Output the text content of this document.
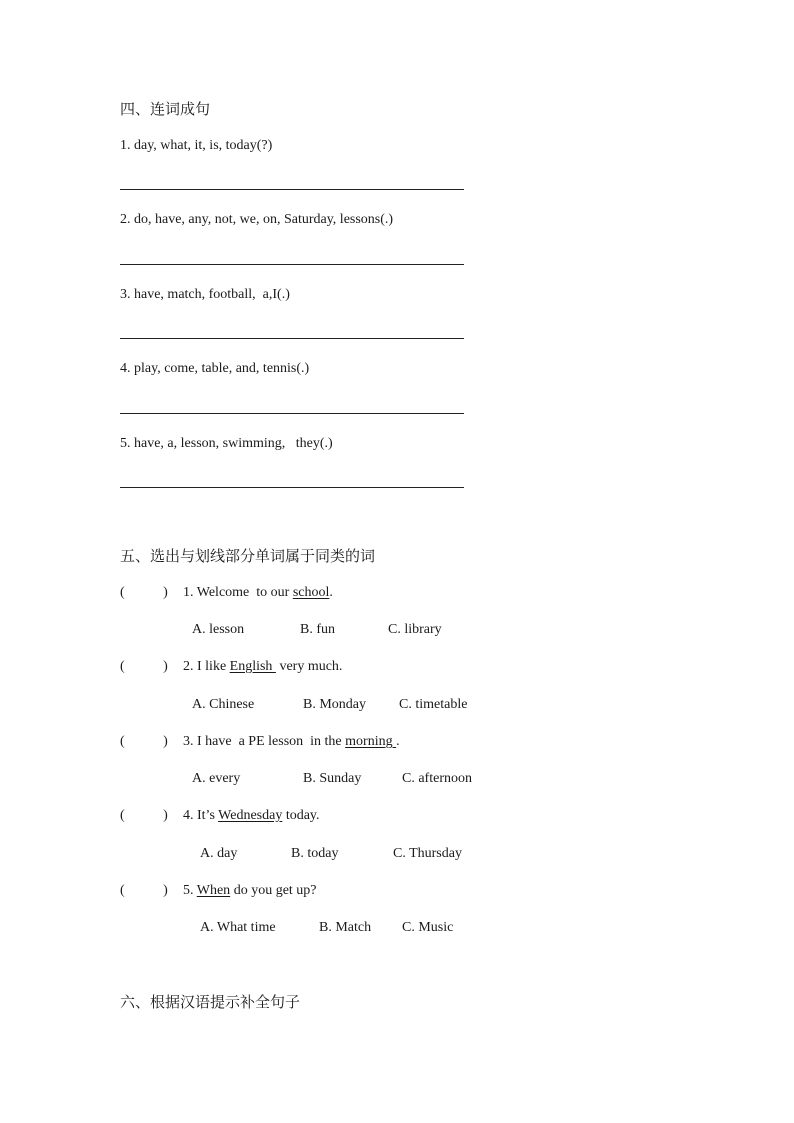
四、连词成句
1. day, what, it, is, today(?)
2. do, have, any, not, we, on, Saturday, lessons(.)
3. have, match, football,  a,I(.)
4. play, come, table, and, tennis(.)
5. have, a, lesson, swimming,   they(.)
五、选出与划线部分单词属于同类的词
(           ) 1. Welcome  to our school.
A. lesson	B. fun	C. library
(           ) 2. I like English  very much.
A. Chinese	B. Monday C. timetable
(           ) 3. I have  a PE lesson  in the morning .
A. every	B. Sunday	C. afternoon
(           ) 4. It’s Wednesday today.
A. day	B. today	C. Thursday
(           ) 5. When do you get up?
A. What time	B. Match C. Music
六、根据汉语提示补全句子
